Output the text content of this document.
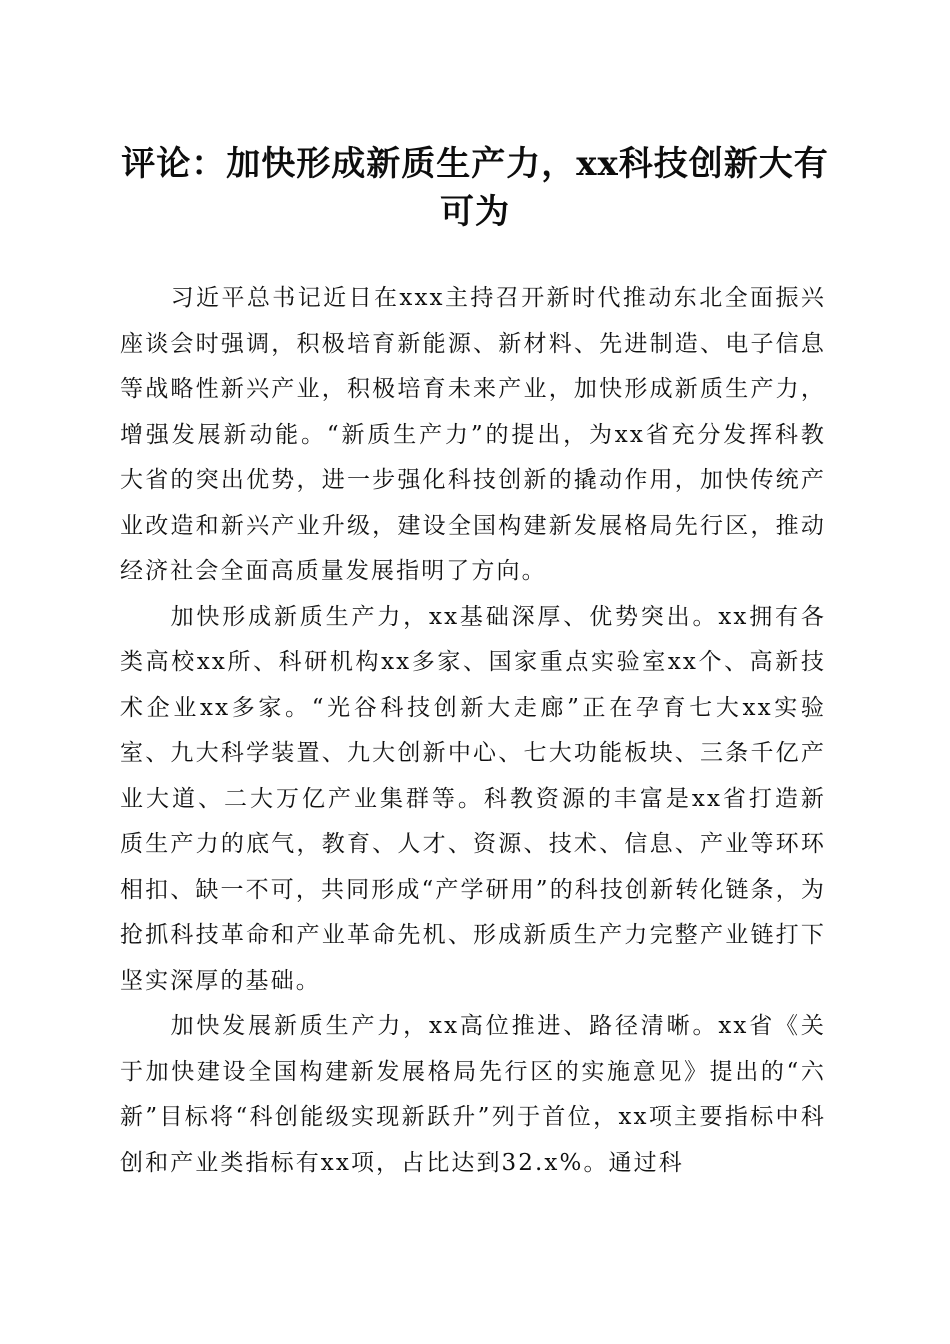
评论：加快形成新质生产力，xx科技创新大有可为

习近平总书记近日在xxx主持召开新时代推动东北全面振兴座谈会时强调，积极培育新能源、新材料、先进制造、电子信息等战略性新兴产业，积极培育未来产业，加快形成新质生产力，增强发展新动能。“新质生产力”的提出，为xx省充分发挥科教大省的突出优势，进一步强化科技创新的撬动作用，加快传统产业改造和新兴产业升级，建设全国构建新发展格局先行区，推动经济社会全面高质量发展指明了方向。

加快形成新质生产力，xx基础深厚、优势突出。xx拥有各类高校xx所、科研机构xx多家、国家重点实验室xx个、高新技术企业xx多家。“光谷科技创新大走廊”正在孕育七大xx实验室、九大科学装置、九大创新中心、七大功能板块、三条千亿产业大道、二大万亿产业集群等。科教资源的丰富是xx省打造新质生产力的底气，教育、人才、资源、技术、信息、产业等环环相扣、缺一不可，共同形成“产学研用”的科技创新转化链条，为抢抓科技革命和产业革命先机、形成新质生产力完整产业链打下坚实深厚的基础。

加快发展新质生产力，xx高位推进、路径清晰。xx省《关于加快建设全国构建新发展格局先行区的实施意见》提出的“六新”目标将“科创能级实现新跃升”列于首位，xx项主要指标中科创和产业类指标有xx项，占比达到32.x%。通过科
